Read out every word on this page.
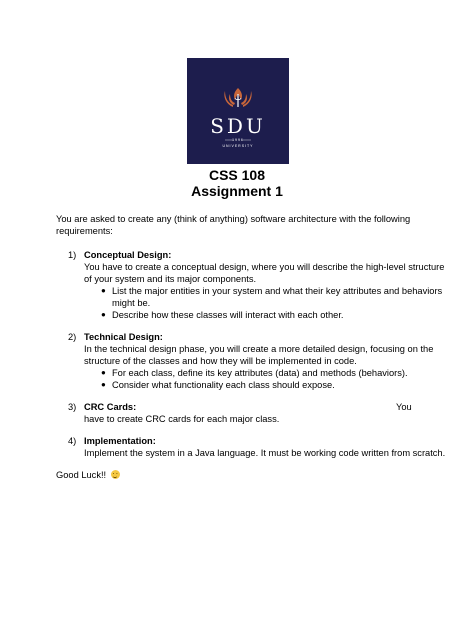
SDU
1996
UNIVERSITY
CSS 108
Assignment 1
You are asked to create any (think of anything) software architecture with the following
requirements:
1) Conceptual Design:
You have to create a conceptual design, where you will describe the high-level structure
of your system and its major components.
● List the major entities in your system and what their key attributes and behaviors
might be.
● Describe how these classes will interact with each other.
2) Technical Design:
In the technical design phase, you will create a more detailed design, focusing on the
structure of the classes and how they will be implemented in code.
● For each class, define its key attributes (data) and methods (behaviors).
● Consider what functionality each class should expose.
3) CRC Cards:	You
have to create CRC cards for each major class.
4) Implementation:
Implement the system in a Java language. It must be working code written from scratch.
Good Luck!!
